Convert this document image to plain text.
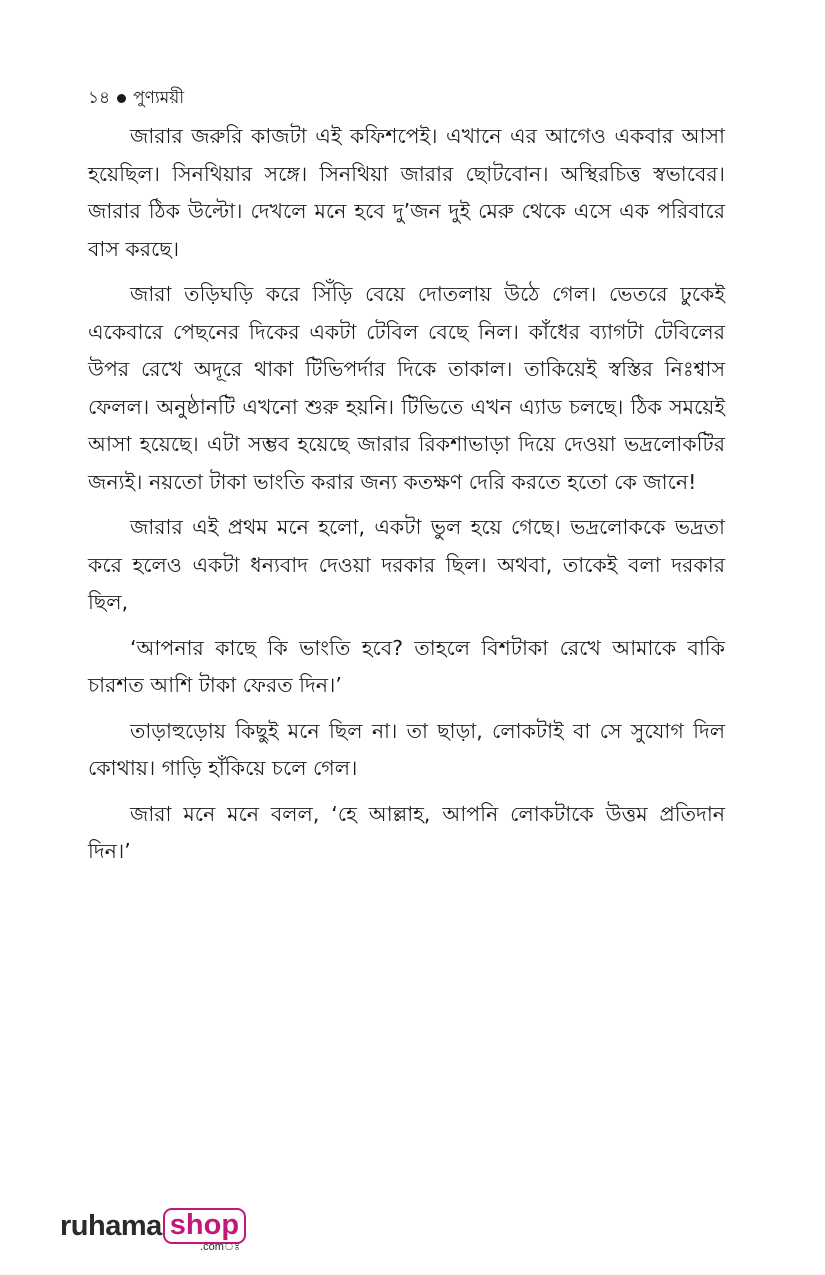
১৪ পুণ্যময়ী

জারার জরুরি কাজটা এই কফিশপেই। এখানে এর আগেও একবার আসা হয়েছিল। সিনথিয়ার সঙ্গে। সিনথিয়া জারার ছোটবোন। অস্থিরচিত্ত স্বভাবের। জারার ঠিক উল্টো। দেখলে মনে হবে দু’জন দুই মেরু থেকে এসে এক পরিবারে বাস করছে।

জারা তড়িঘড়ি করে সিঁড়ি বেয়ে দোতলায় উঠে গেল। ভেতরে ঢুকেই একেবারে পেছনের দিকের একটা টেবিল বেছে নিল। কাঁধের ব্যাগটা টেবিলের উপর রেখে অদূরে থাকা টিভিপর্দার দিকে তাকাল। তাকিয়েই স্বস্তির নিঃশ্বাস ফেলল। অনুষ্ঠানটি এখনো শুরু হয়নি। টিভিতে এখন এ্যাড চলছে। ঠিক সময়েই আসা হয়েছে। এটা সম্ভব হয়েছে জারার রিকশাভাড়া দিয়ে দেওয়া ভদ্রলোকটির জন্যই। নয়তো টাকা ভাংতি করার জন্য কতক্ষণ দেরি করতে হতো কে জানে!

জারার এই প্রথম মনে হলো, একটা ভুল হয়ে গেছে। ভদ্রলোককে ভদ্রতা করে হলেও একটা ধন্যবাদ দেওয়া দরকার ছিল। অথবা, তাকেই বলা দরকার ছিল,

‘আপনার কাছে কি ভাংতি হবে? তাহলে বিশটাকা রেখে আমাকে বাকি চারশত আশি টাকা ফেরত দিন।’

তাড়াহুড়োয় কিছুই মনে ছিল না। তা ছাড়া, লোকটাই বা সে সুযোগ দিল কোথায়। গাড়ি হাঁকিয়ে চলে গেল।

জারা মনে মনে বলল, ‘হে আল্লাহ, আপনি লোকটাকে উত্তম প্রতিদান দিন।’

ruhama shop
.comঃ
